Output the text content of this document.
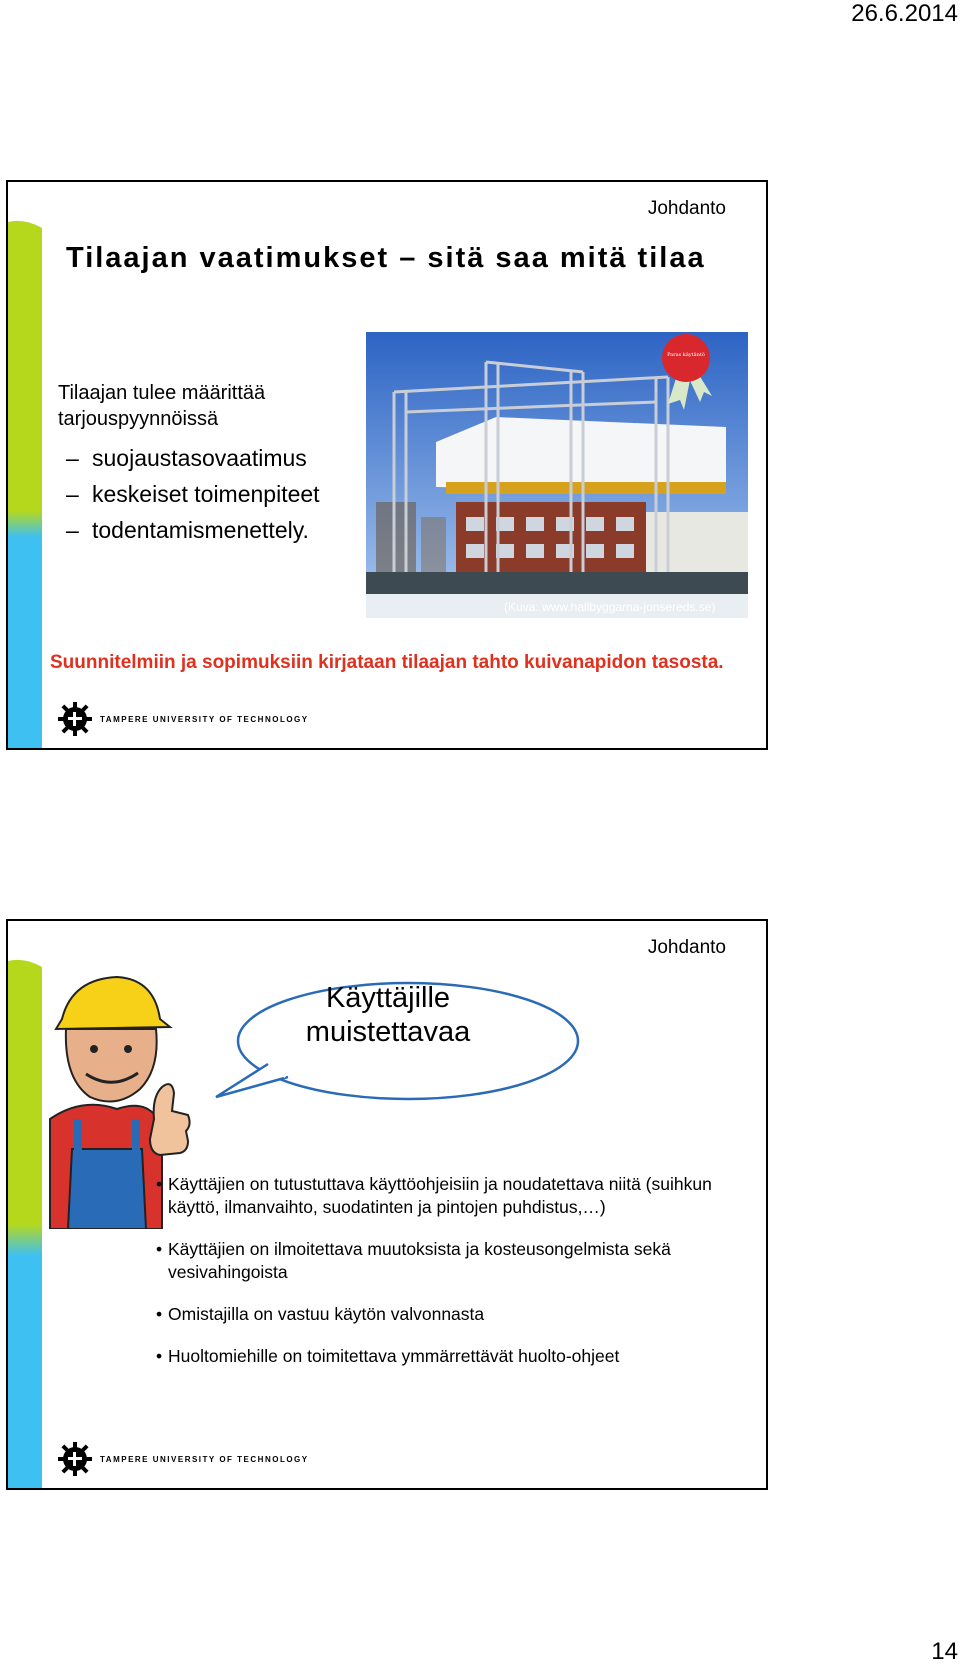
26.6.2014
Johdanto
Tilaajan vaatimukset – sitä saa mitä tilaa
Tilaajan tulee määrittää tarjouspyynnöissä
– suojaustasovaatimus
– keskeiset toimenpiteet
– todentamismenettely.
Paras käytäntö
(Kuva: www.hallbyggarna-jonsereds.se)
Suunnitelmiin ja sopimuksiin kirjataan tilaajan tahto kuivanapidon tasosta.
TAMPERE UNIVERSITY OF TECHNOLOGY
Johdanto
Käyttäjille
muistettavaa
• Käyttäjien on tutustuttava käyttöohjeisiin ja noudatettava niitä (suihkun käyttö, ilmanvaihto, suodatinten ja pintojen puhdistus,…)
• Käyttäjien on ilmoitettava muutoksista ja kosteusongelmista sekä vesivahingoista
• Omistajilla on vastuu käytön valvonnasta
• Huoltomiehille on toimitettava ymmärrettävät huolto-ohjeet
TAMPERE UNIVERSITY OF TECHNOLOGY
14
